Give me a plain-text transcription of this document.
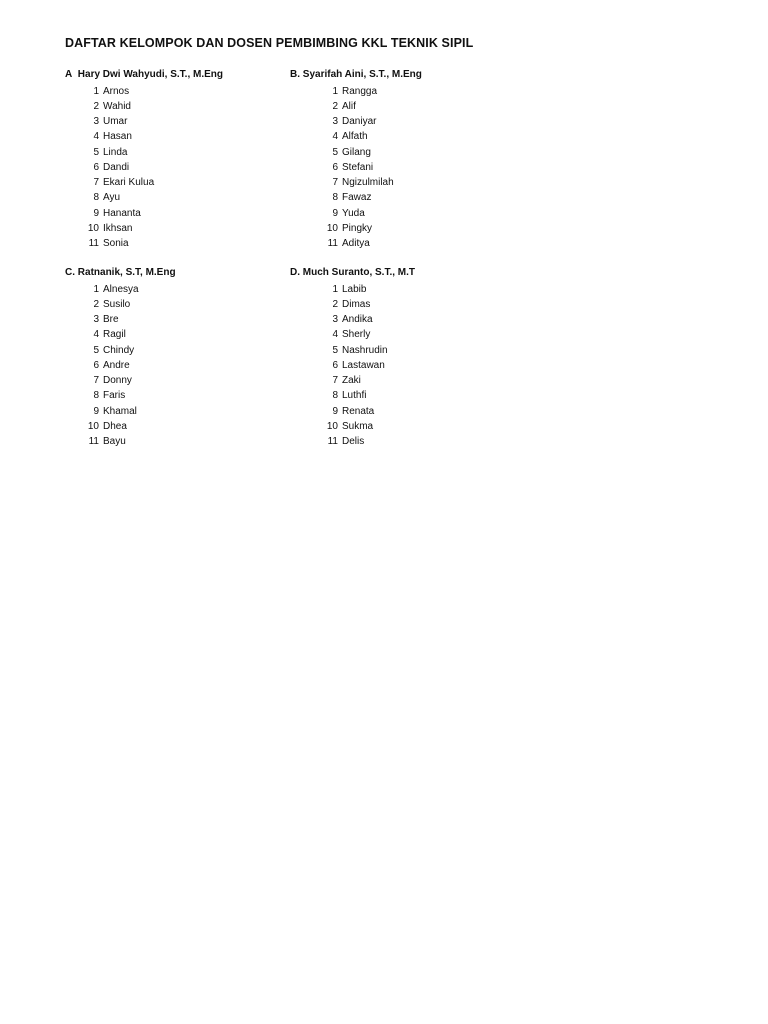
DAFTAR KELOMPOK DAN DOSEN PEMBIMBING KKL TEKNIK SIPIL
A Hary Dwi Wahyudi, S.T., M.Eng
1 Arnos
2 Wahid
3 Umar
4 Hasan
5 Linda
6 Dandi
7 Ekari Kulua
8 Ayu
9 Hananta
10 Ikhsan
11 Sonia
B. Syarifah Aini, S.T., M.Eng
1 Rangga
2 Alif
3 Daniyar
4 Alfath
5 Gilang
6 Stefani
7 Ngizulmilah
8 Fawaz
9 Yuda
10 Pingky
11 Aditya
C. Ratnanik, S.T, M.Eng
1 Alnesya
2 Susilo
3 Bre
4 Ragil
5 Chindy
6 Andre
7 Donny
8 Faris
9 Khamal
10 Dhea
11 Bayu
D. Much Suranto, S.T., M.T
1 Labib
2 Dimas
3 Andika
4 Sherly
5 Nashrudin
6 Lastawan
7 Zaki
8 Luthfi
9 Renata
10 Sukma
11 Delis
